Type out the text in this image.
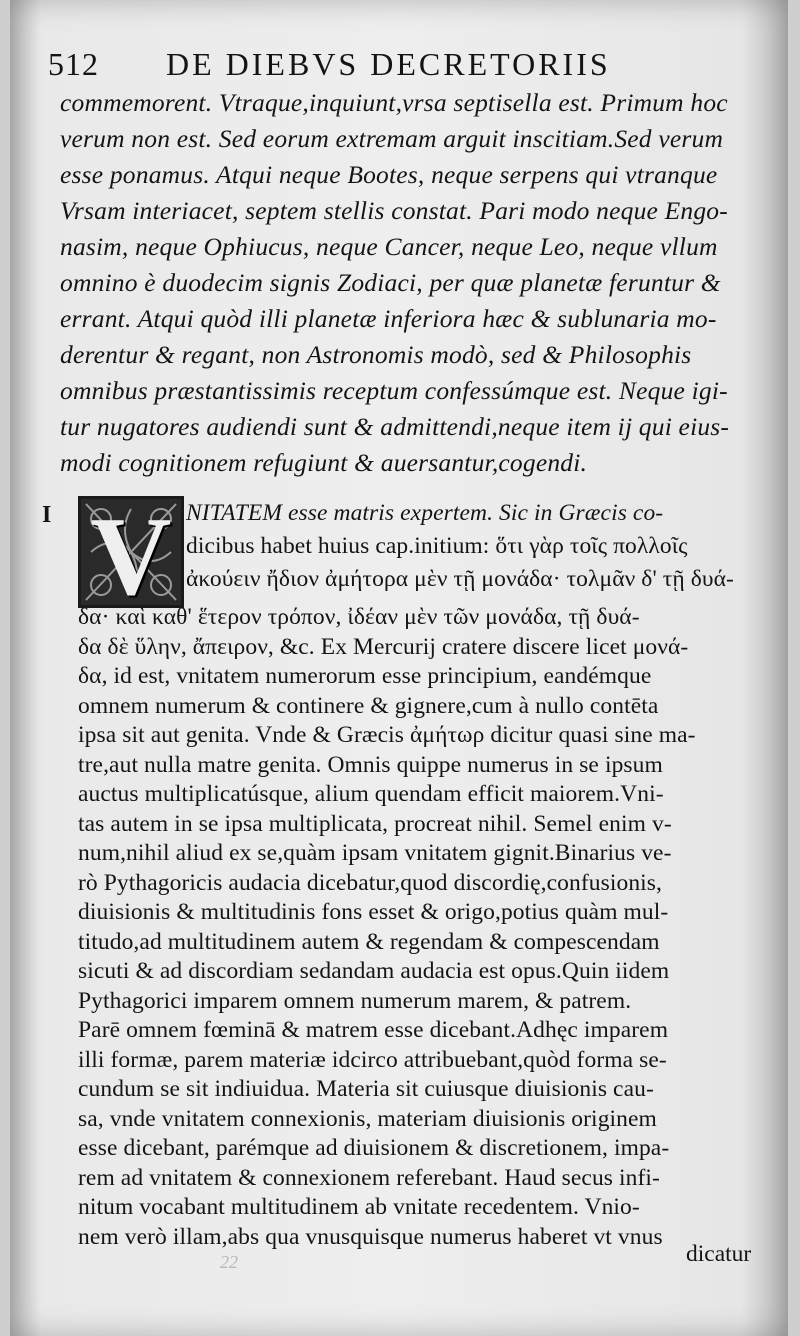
512 DE DIEBVS DECRETORIIS
commemorent. Vtraque,inquiunt,vrsa septisella est. Primum hoc
verum non est. Sed eorum extremam arguit inscitiam.Sed verum
esse ponamus. Atqui neque Bootes, neque serpens qui vtranque
Vrsam interiacet, septem stellis constat. Pari modo neque Engo-
nasim, neque Ophiucus, neque Cancer, neque Leo, neque vllum
omnino è duodecim signis Zodiaci, per quæ planetæ feruntur &
errant. Atqui quòd illi planetæ inferiora hæc & sublunaria mo-
derentur & regant, non Astronomis modò, sed & Philosophis
omnibus præstantissimis receptum confessúmque est. Neque igi-
tur nugatores audiendi sunt & admittendi,neque item ij qui eius-
modi cognitionem refugiunt & auersantur,cogendi.
I V NITATEM esse matris expertem. Sic in Græcis co-
dicibus habet huius cap.initium: ὅτι γὰρ τοῖς πολλοῖς
ἀκούειν ἤδιον ἀμήτορα μὲν τῇ μονάδα· τολμᾶν δ' τῇ δυά-
δα· καὶ καθ' ἕτερον τρόπον, ἰδέαν μὲν τῶν μονάδα, τῇ δυά-
δα δὲ ὕλην, ἄπειρον, &c. Ex Mercurij cratere discere licet μονά-
δα, id est, vnitatem numerorum esse principium, eandémque
omnem numerum & continere & gignere,cum à nullo contēta
ipsa sit aut genita. Vnde & Græcis ἀμήτωρ dicitur quasi sine ma-
tre,aut nulla matre genita. Omnis quippe numerus in se ipsum
auctus multiplicatúsque, alium quendam efficit maiorem.Vni-
tas autem in se ipsa multiplicata, procreat nihil. Semel enim v-
num,nihil aliud ex se,quàm ipsam vnitatem gignit.Binarius ve-
rò Pythagoricis audacia dicebatur,quod discordię,confusionis,
diuisionis & multitudinis fons esset & origo,potius quàm mul-
titudo,ad multitudinem autem & regendam & compescendam
sicuti & ad discordiam sedandam audacia est opus.Quin iidem
Pythagorici imparem omnem numerum marem, & patrem.
Parē omnem fœminā & matrem esse dicebant.Adhęc imparem
illi formæ, parem materiæ idcirco attribuebant,quòd forma se-
cundum se sit indiuidua. Materia sit cuiusque diuisionis cau-
sa, vnde vnitatem connexionis, materiam diuisionis originem
esse dicebant, parémque ad diuisionem & discretionem, impa-
22	dicatur
rem ad vnitatem & connexionem referebant. Haud secus infi-
nitum vocabant multitudinem ab vnitate recedentem. Vnio-
nem verò illam,abs qua vnusquisque numerus haberet vt vnus
